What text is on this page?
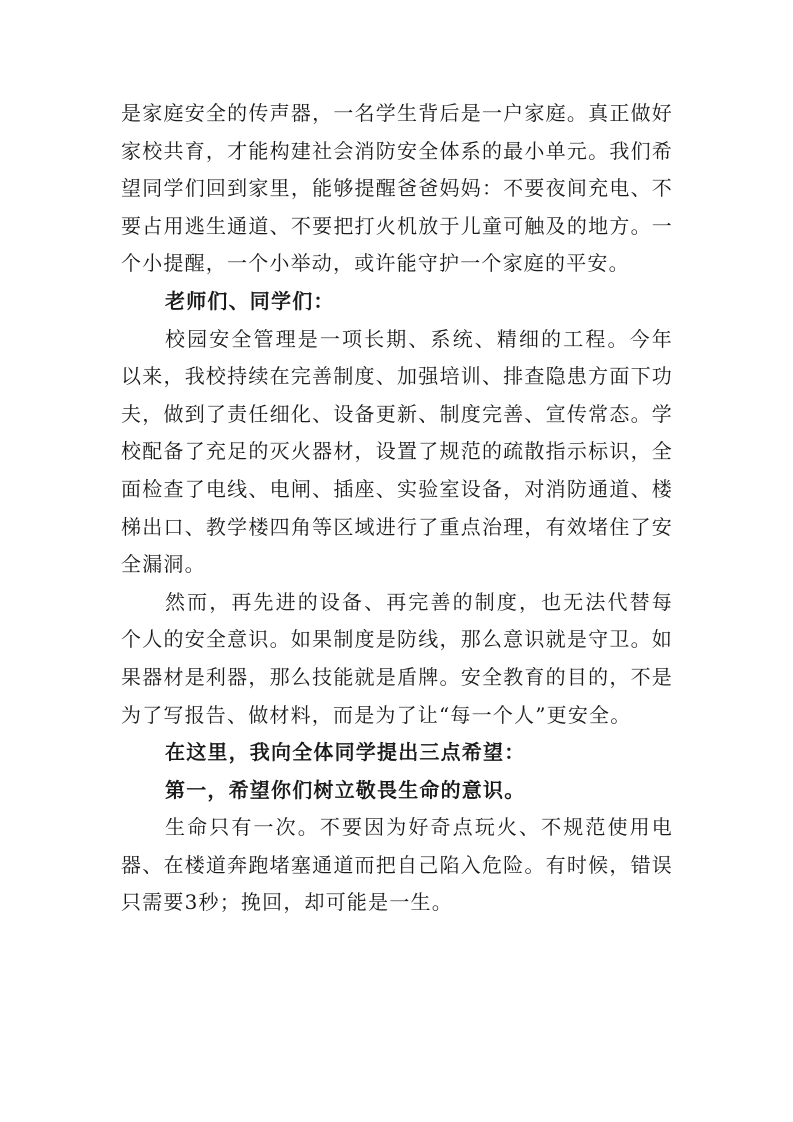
是家庭安全的传声器，一名学生背后是一户家庭。真正做好家校共育，才能构建社会消防安全体系的最小单元。我们希望同学们回到家里，能够提醒爸爸妈妈：不要夜间充电、不要占用逃生通道、不要把打火机放于儿童可触及的地方。一个小提醒，一个小举动，或许能守护一个家庭的平安。

老师们、同学们：

校园安全管理是一项长期、系统、精细的工程。今年以来，我校持续在完善制度、加强培训、排查隐患方面下功夫，做到了责任细化、设备更新、制度完善、宣传常态。学校配备了充足的灭火器材，设置了规范的疏散指示标识，全面检查了电线、电闸、插座、实验室设备，对消防通道、楼梯出口、教学楼四角等区域进行了重点治理，有效堵住了安全漏洞。

然而，再先进的设备、再完善的制度，也无法代替每个人的安全意识。如果制度是防线，那么意识就是守卫。如果器材是利器，那么技能就是盾牌。安全教育的目的，不是为了写报告、做材料，而是为了让“每一个人”更安全。

在这里，我向全体同学提出三点希望：

第一，希望你们树立敬畏生命的意识。

生命只有一次。不要因为好奇点玩火、不规范使用电器、在楼道奔跑堵塞通道而把自己陷入危险。有时候，错误只需要3秒；挽回，却可能是一生。
